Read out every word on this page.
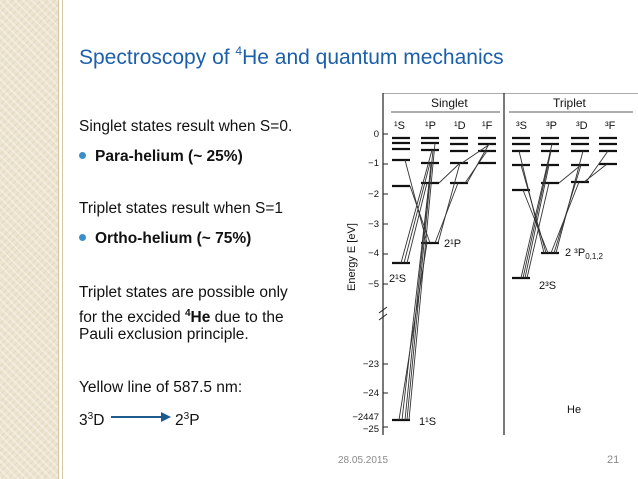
Spectroscopy of $^4$He and quantum mechanics
Singlet states result when S=0.
Para-helium (~ 25%)
Triplet states result when S=1
Ortho-helium (~ 75%)
Triplet states are possible only
for the excided $^4$He due to the
Pauli exclusion principle.
Yellow line of 587.5 nm:
$3^3D$	$2^3P$
Singlet	Triplet
¹S ¹P ¹D ¹F ³S ³P ³D ³F
Energy E [eV]
0
−1
−2
−3
−4
−5
−23
−24
−2447
−25
2¹S
2¹P
1¹S
2³S
2 $^3P_{0,1,2}$
He
28.05.2015	21
